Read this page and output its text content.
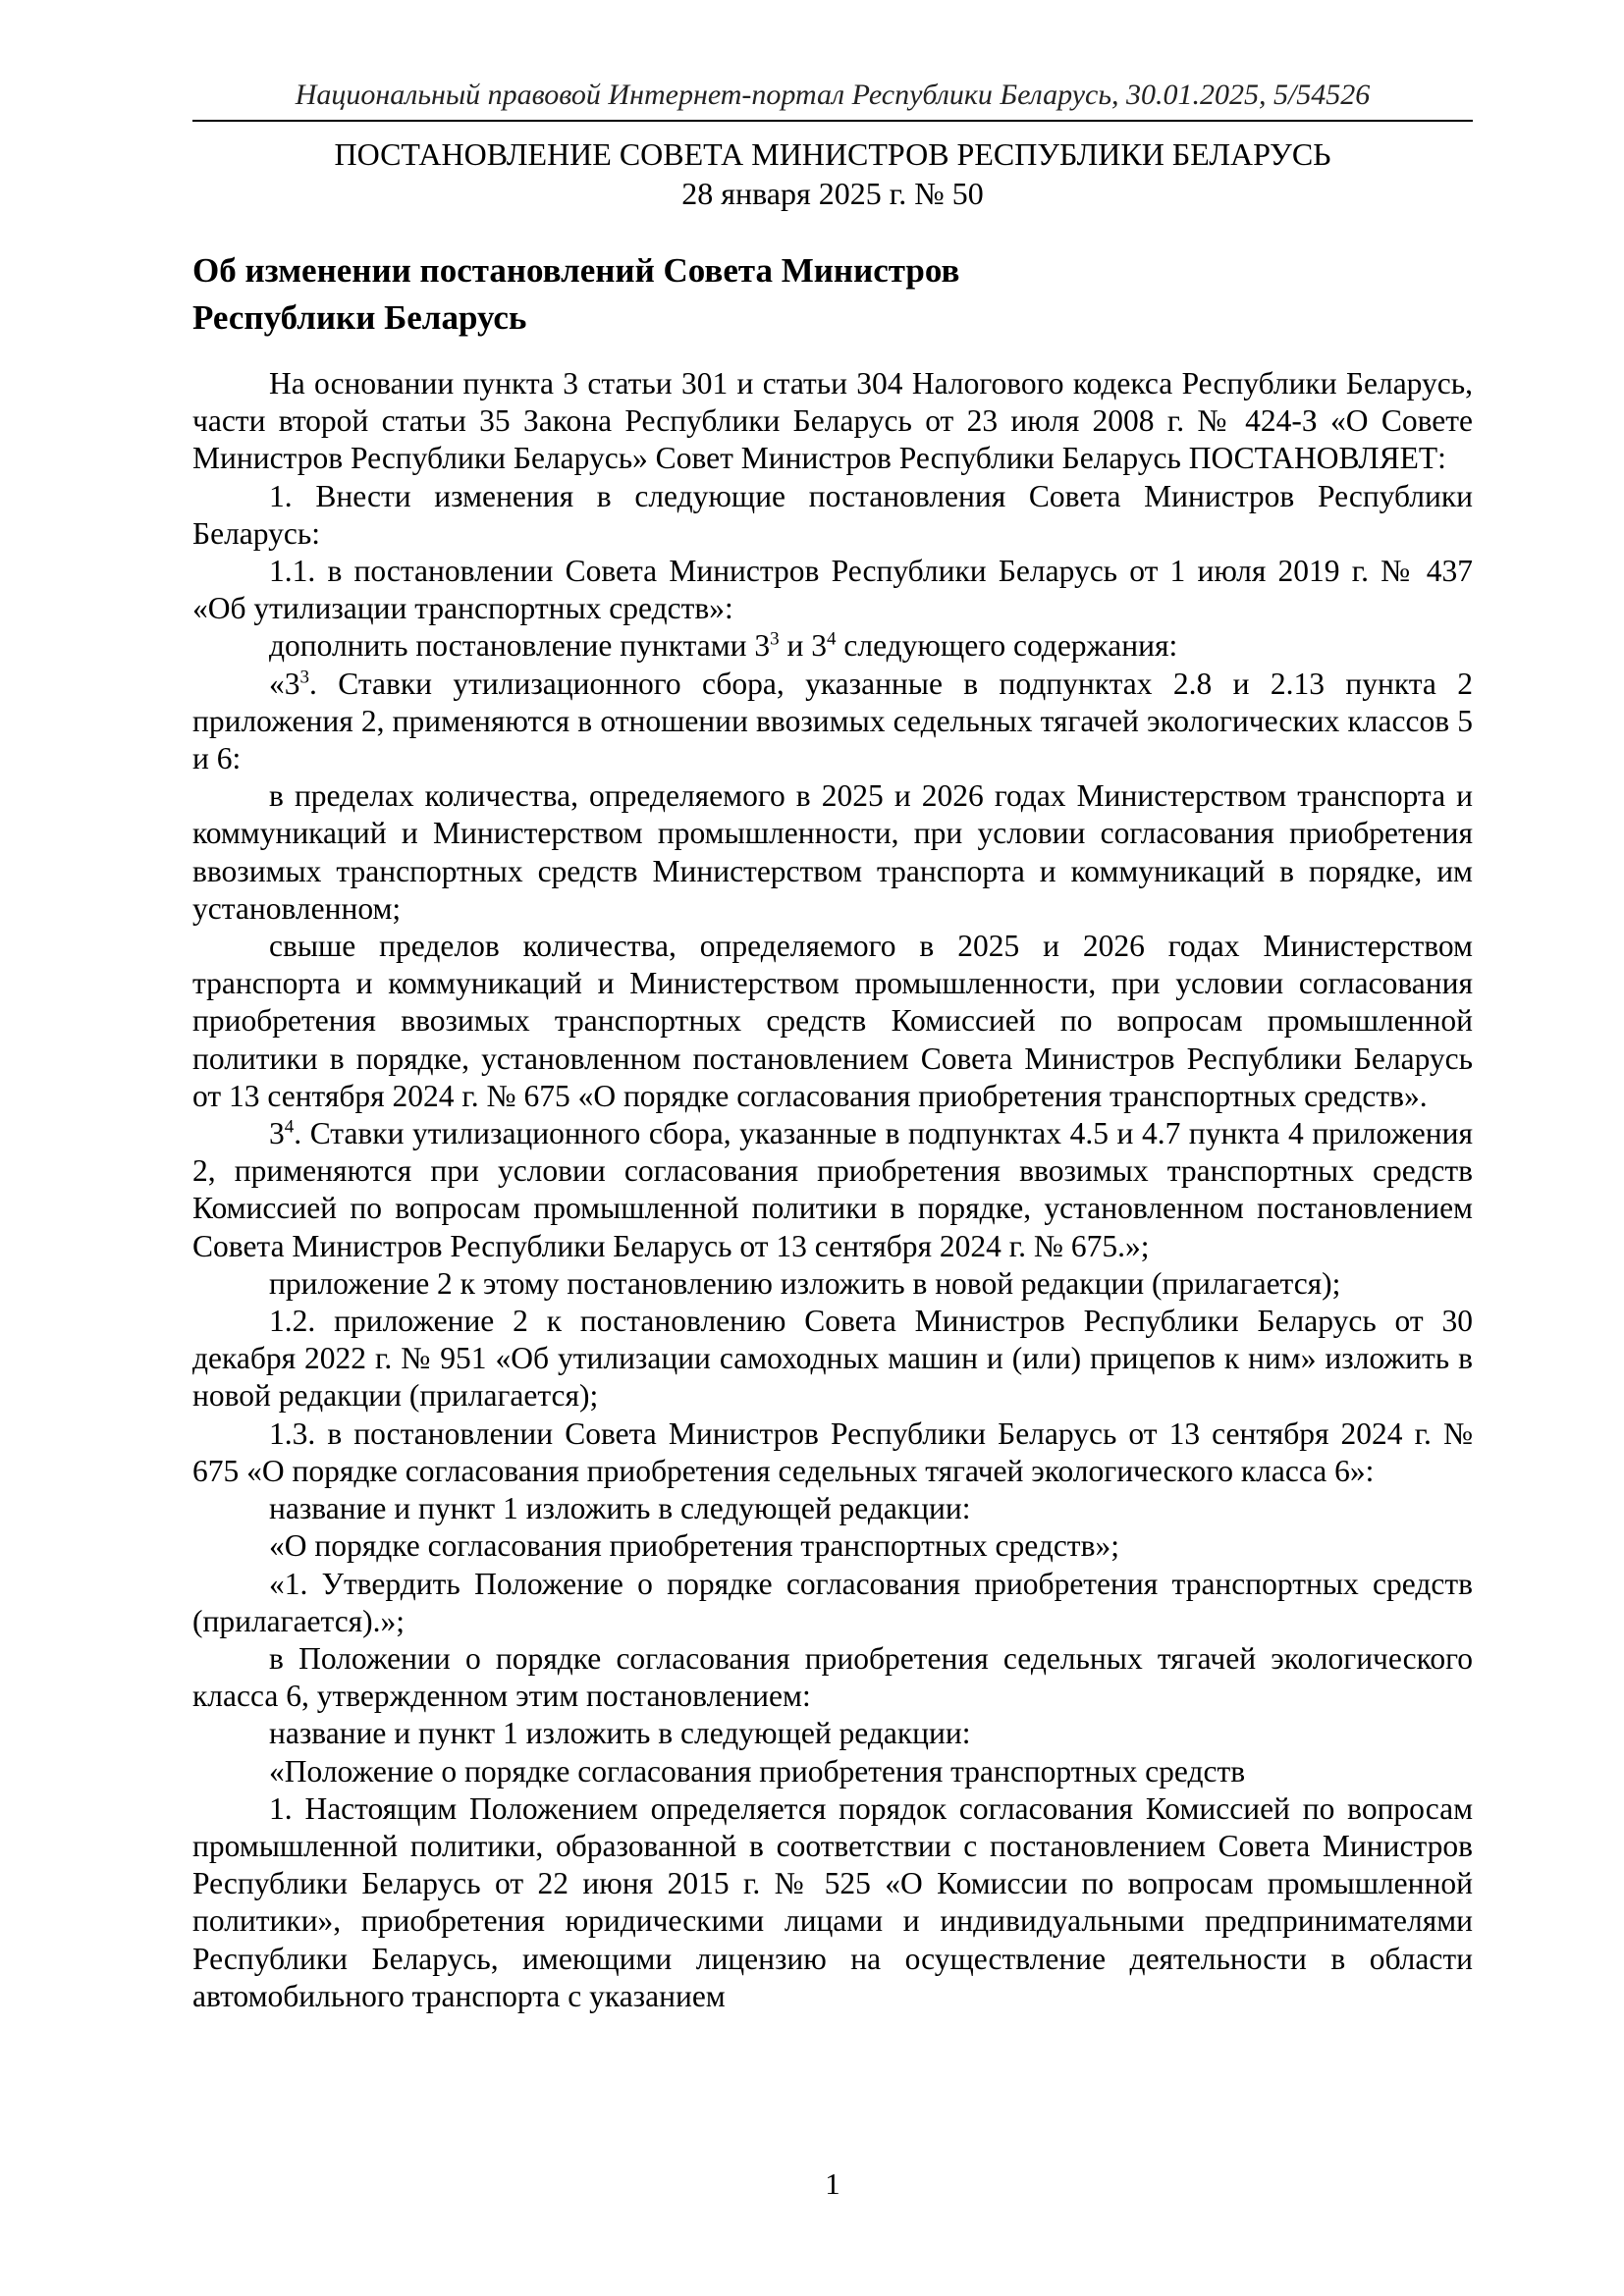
Национальный правовой Интернет-портал Республики Беларусь, 30.01.2025, 5/54526
ПОСТАНОВЛЕНИЕ СОВЕТА МИНИСТРОВ РЕСПУБЛИКИ БЕЛАРУСЬ
28 января 2025 г. № 50
Об изменении постановлений Совета Министров
Республики Беларусь

На основании пункта 3 статьи 301 и статьи 304 Налогового кодекса Республики Беларусь, части второй статьи 35 Закона Республики Беларусь от 23 июля 2008 г. № 424-З «О Совете Министров Республики Беларусь» Совет Министров Республики Беларусь ПОСТАНОВЛЯЕТ:

1. Внести изменения в следующие постановления Совета Министров Республики Беларусь:

1.1. в постановлении Совета Министров Республики Беларусь от 1 июля 2019 г. № 437 «Об утилизации транспортных средств»:

дополнить постановление пунктами $3^3$ и $3^4$ следующего содержания:

«$3^3$. Ставки утилизационного сбора, указанные в подпунктах 2.8 и 2.13 пункта 2 приложения 2, применяются в отношении ввозимых седельных тягачей экологических классов 5 и 6:

в пределах количества, определяемого в 2025 и 2026 годах Министерством транспорта и коммуникаций и Министерством промышленности, при условии согласования приобретения ввозимых транспортных средств Министерством транспорта и коммуникаций в порядке, им установленном;

свыше пределов количества, определяемого в 2025 и 2026 годах Министерством транспорта и коммуникаций и Министерством промышленности, при условии согласования приобретения ввозимых транспортных средств Комиссией по вопросам промышленной политики в порядке, установленном постановлением Совета Министров Республики Беларусь от 13 сентября 2024 г. № 675 «О порядке согласования приобретения транспортных средств».

$3^4$. Ставки утилизационного сбора, указанные в подпунктах 4.5 и 4.7 пункта 4 приложения 2, применяются при условии согласования приобретения ввозимых транспортных средств Комиссией по вопросам промышленной политики в порядке, установленном постановлением Совета Министров Республики Беларусь от 13 сентября 2024 г. № 675.»;

приложение 2 к этому постановлению изложить в новой редакции (прилагается);

1.2. приложение 2 к постановлению Совета Министров Республики Беларусь от 30 декабря 2022 г. № 951 «Об утилизации самоходных машин и (или) прицепов к ним» изложить в новой редакции (прилагается);

1.3. в постановлении Совета Министров Республики Беларусь от 13 сентября 2024 г. № 675 «О порядке согласования приобретения седельных тягачей экологического класса 6»:

название и пункт 1 изложить в следующей редакции:

«О порядке согласования приобретения транспортных средств»;

«1. Утвердить Положение о порядке согласования приобретения транспортных средств (прилагается).»;

в Положении о порядке согласования приобретения седельных тягачей экологического класса 6, утвержденном этим постановлением:

название и пункт 1 изложить в следующей редакции:

«Положение о порядке согласования приобретения транспортных средств

1. Настоящим Положением определяется порядок согласования Комиссией по вопросам промышленной политики, образованной в соответствии с постановлением Совета Министров Республики Беларусь от 22 июня 2015 г. № 525 «О Комиссии по вопросам промышленной политики», приобретения юридическими лицами и индивидуальными предпринимателями Республики Беларусь, имеющими лицензию на осуществление деятельности в области автомобильного транспорта с указанием

1
